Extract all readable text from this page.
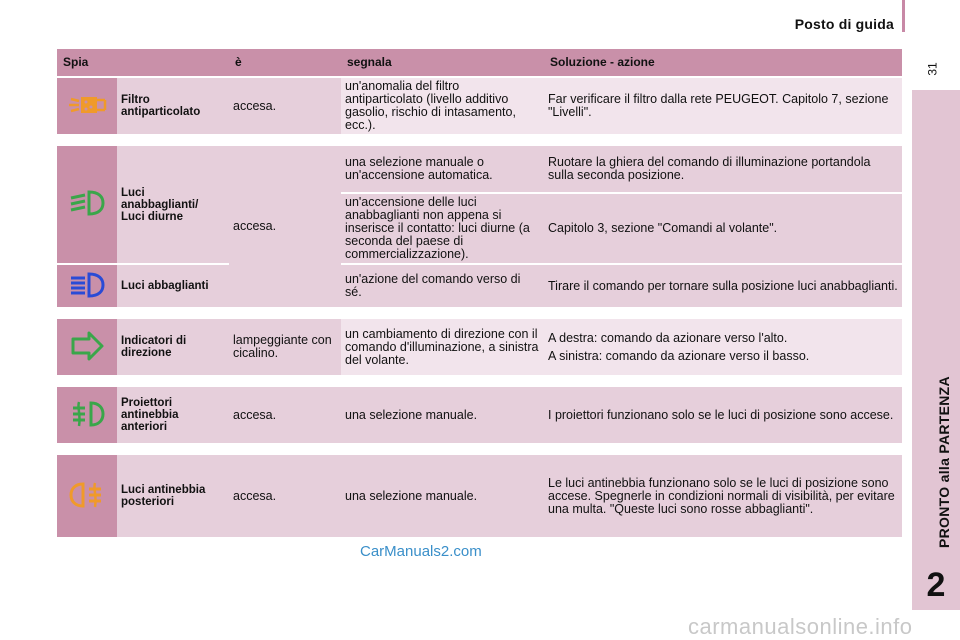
Posto di guida
31
PRONTO alla PARTENZA
2
Spia		è	segnala	Soluzione - azione
	Filtro antiparticolato	accesa.	un'anomalia del filtro antiparticolato (livello additivo gasolio, rischio di intasamento, ecc.).	Far verificare il filtro dalla rete PEUGEOT. Capitolo 7, sezione "Livelli".

	Luci anabbaglianti/ Luci diurne	accesa.	una selezione manuale o un'accensione automatica.	Ruotare la ghiera del comando di illuminazione portandola sulla seconda posizione.
			un'accensione delle luci anabbaglianti non appena si inserisce il contatto: luci diurne (a seconda del paese di commercializzazione).	Capitolo 3, sezione "Comandi al volante".
	Luci abbaglianti		un'azione del comando verso di sé.	Tirare il comando per tornare sulla posizione luci anabbaglianti.

	Indicatori di direzione	lampeggiante con cicalino.	un cambiamento di direzione con il comando d'illuminazione, a sinistra del volante.	A destra: comando da azionare verso l'alto.

A sinistra: comando da azionare verso il basso.

	Proiettori antinebbia anteriori	accesa.	una selezione manuale.	I proiettori funzionano solo se le luci di posizione sono accese.

	Luci antinebbia posteriori	accesa.	una selezione manuale.	Le luci antinebbia funzionano solo se le luci di posizione sono accese. Spegnerle in condizioni normali di visibilità, per evitare una multa. "Queste luci sono rosse abbaglianti".
CarManuals2.com
carmanualsonline.info
